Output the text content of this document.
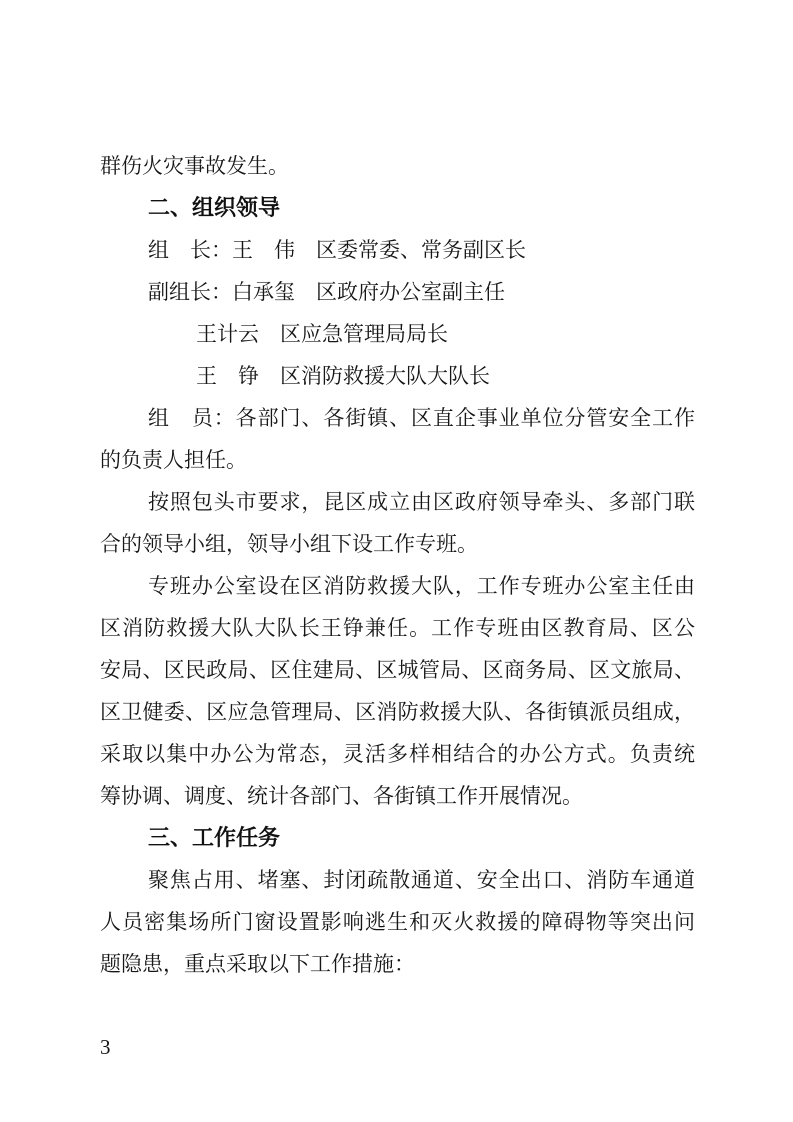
群伤火灾事故发生。
二、组织领导
组　长：王　伟　区委常委、常务副区长
副组长：白承玺　区政府办公室副主任
王计云　区应急管理局局长
王　铮　区消防救援大队大队长
组　员：各部门、各街镇、区直企事业单位分管安全工作
的负责人担任。
按照包头市要求，昆区成立由区政府领导牵头、多部门联
合的领导小组，领导小组下设工作专班。
专班办公室设在区消防救援大队，工作专班办公室主任由
区消防救援大队大队长王铮兼任。工作专班由区教育局、区公
安局、区民政局、区住建局、区城管局、区商务局、区文旅局、
区卫健委、区应急管理局、区消防救援大队、各街镇派员组成，
采取以集中办公为常态，灵活多样相结合的办公方式。负责统
筹协调、调度、统计各部门、各街镇工作开展情况。
三、工作任务
聚焦占用、堵塞、封闭疏散通道、安全出口、消防车通道
人员密集场所门窗设置影响逃生和灭火救援的障碍物等突出问
题隐患，重点采取以下工作措施：
3
